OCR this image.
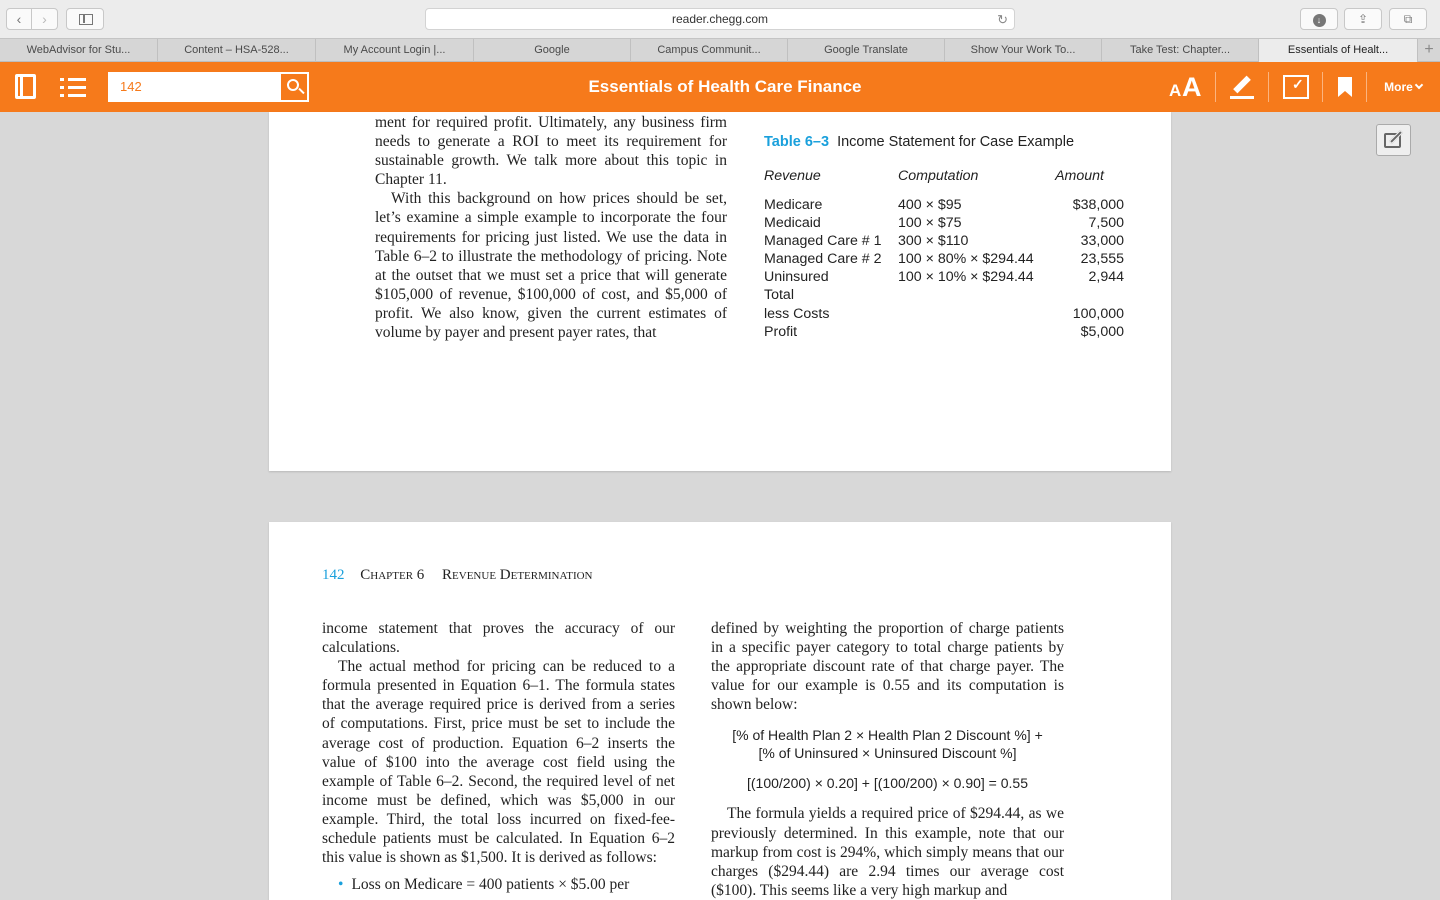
‹	›	reader.chegg.com	↻	↓	⇪	⧉
WebAdvisor for Stu...	Content – HSA-528...	My Account Login |...	Google	Campus Communit...	Google Translate	Show Your Work To...	Take Test: Chapter...	Essentials of Healt...	+
142	Essentials of Health Care Finance	A A
✓	More

ment for required profit. Ultimately, any business firm needs to generate a ROI to meet its requirement for sustainable growth. We talk more about this topic in Chapter 11.

With this background on how prices should be set, let’s examine a simple example to incorporate the four requirements for pricing just listed. We use the data in Table 6–2 to illustrate the methodology of pricing. Note at the outset that we must set a price that will generate $105,000 of revenue, $100,000 of cost, and $5,000 of profit. We also know, given the current estimates of volume by payer and present payer rates, that

Table 6–3 Income Statement for Case Example
Revenue	Computation	Amount
Medicare	400 × $95	$38,000
Medicaid	100 × $75	7,500
Managed Care # 1 300 × $110	33,000
Managed Care # 2 100 × 80% × $294.44	23,555
Uninsured	100 × 10% × $294.44	2,944
Total
less Costs	100,000
Profit	$5,000
142 Chapter 6 Revenue Determination

income statement that proves the accuracy of our calculations.

The actual method for pricing can be reduced to a formula presented in Equation 6–1. The formula states that the average required price is derived from a series of computations. First, price must be set to include the average cost of production. Equation 6–2 inserts the value of $100 into the average cost field using the example of Table 6–2. Second, the required level of net income must be defined, which was $5,000 in our example. Third, the total loss incurred on fixed-fee-schedule patients must be calculated. In Equation 6–2 this value is shown as $1,500. It is derived as follows:

• Loss on Medicare = 400 patients × $5.00 per

defined by weighting the proportion of charge patients in a specific payer category to total charge patients by the appropriate discount rate of that charge payer. The value for our example is 0.55 and its computation is shown below:

[% of Health Plan 2 × Health Plan 2 Discount %] +
[% of Uninsured × Uninsured Discount %]
[(100/200) × 0.20] + [(100/200) × 0.90] = 0.55

The formula yields a required price of $294.44, as we previously determined. In this example, note that our markup from cost is 294%, which simply means that our charges ($294.44) are 2.94 times our average cost ($100). This seems like a very high markup and
